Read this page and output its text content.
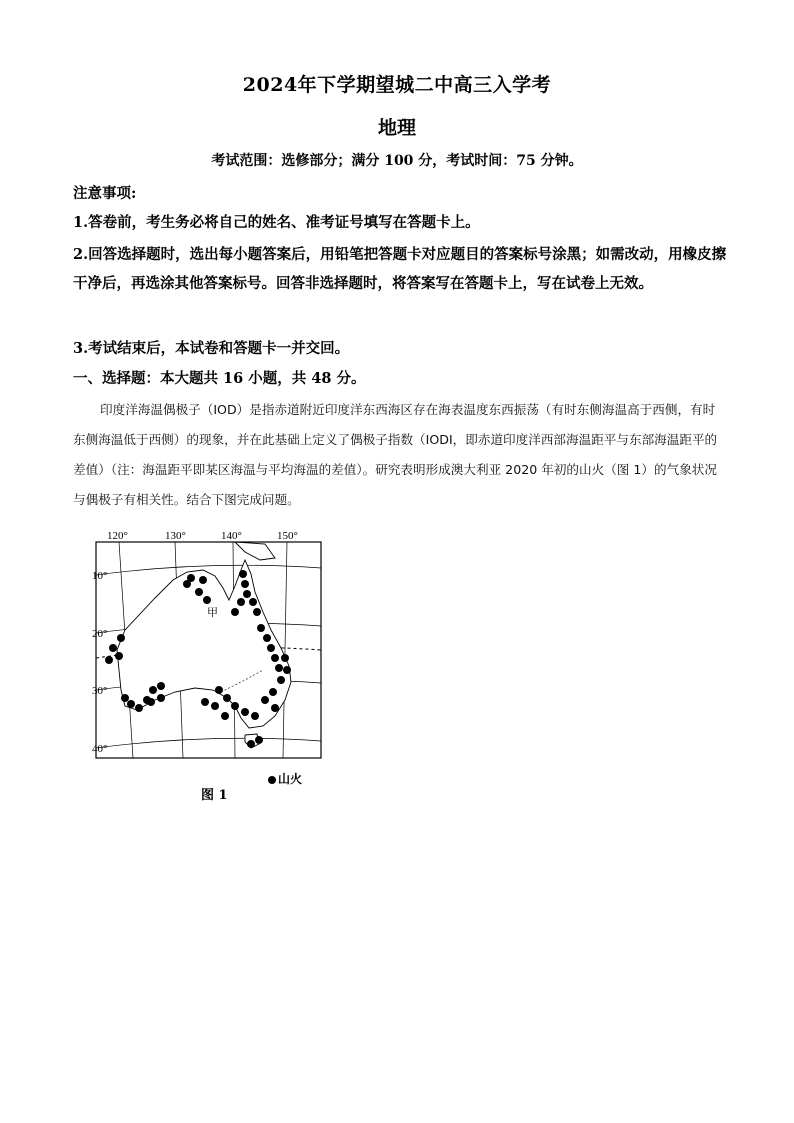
2024年下学期望城二中高三入学考
地理
考试范围：选修部分；满分 100 分，考试时间：75 分钟。
注意事项:
1.答卷前，考生务必将自己的姓名、准考证号填写在答题卡上。
2.回答选择题时，选出每小题答案后，用铅笔把答题卡对应题目的答案标号涂黑；如需改动，用橡皮擦干净后，再选涂其他答案标号。回答非选择题时，将答案写在答题卡上，写在试卷上无效。
3.考试结束后，本试卷和答题卡一并交回。
一、选择题：本大题共 16 小题，共 48 分。
印度洋海温偶极子（IOD）是指赤道附近印度洋东西海区存在海表温度东西振荡（有时东侧海温高于西侧，有时东侧海温低于西侧）的现象，并在此基础上定义了偶极子指数（IODI，即赤道印度洋西部海温距平与东部海温距平的差值）（注：海温距平即某区海温与平均海温的差值）。研究表明形成澳大利亚 2020 年初的山火（图 1）的气象状况与偶极子有相关性。结合下图完成问题。
120°	130°	140°	150°
10°
20°
30°
40°
甲
山火
图 1
